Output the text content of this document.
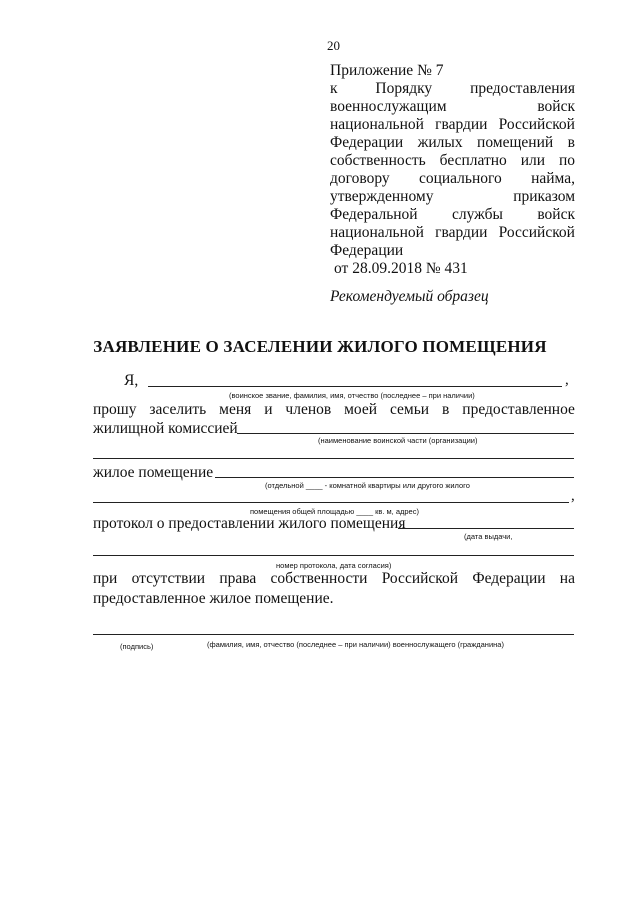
20
Приложение № 7
к Порядку предоставления
военнослужащим	войск
национальной гвардии Российской
Федерации жилых помещений в
собственность бесплатно или по
договору социального найма,
утвержденному	приказом
Федеральной службы войск
национальной гвардии Российской
Федерации
от 28.09.2018 № 431
Рекомендуемый образец
ЗАЯВЛЕНИЕ О ЗАСЕЛЕНИИ ЖИЛОГО ПОМЕЩЕНИЯ
Я,	,
(воинское звание, фамилия, имя, отчество (последнее – при наличии)
прошу заселить меня и членов моей семьи в предоставленное
жилищной комиссией
(наименование воинской части (организации)
жилое помещение
(отдельной ____ - комнатной квартиры или другого жилого
,
помещения общей площадью ____ кв. м, адрес)
протокол о предоставлении жилого помещения
(дата выдачи,
номер протокола, дата согласия)
при отсутствии права собственности Российской Федерации на
предоставленное жилое помещение.
(подпись)	(фамилия, имя, отчество (последнее – при наличии) военнослужащего (гражданина)
